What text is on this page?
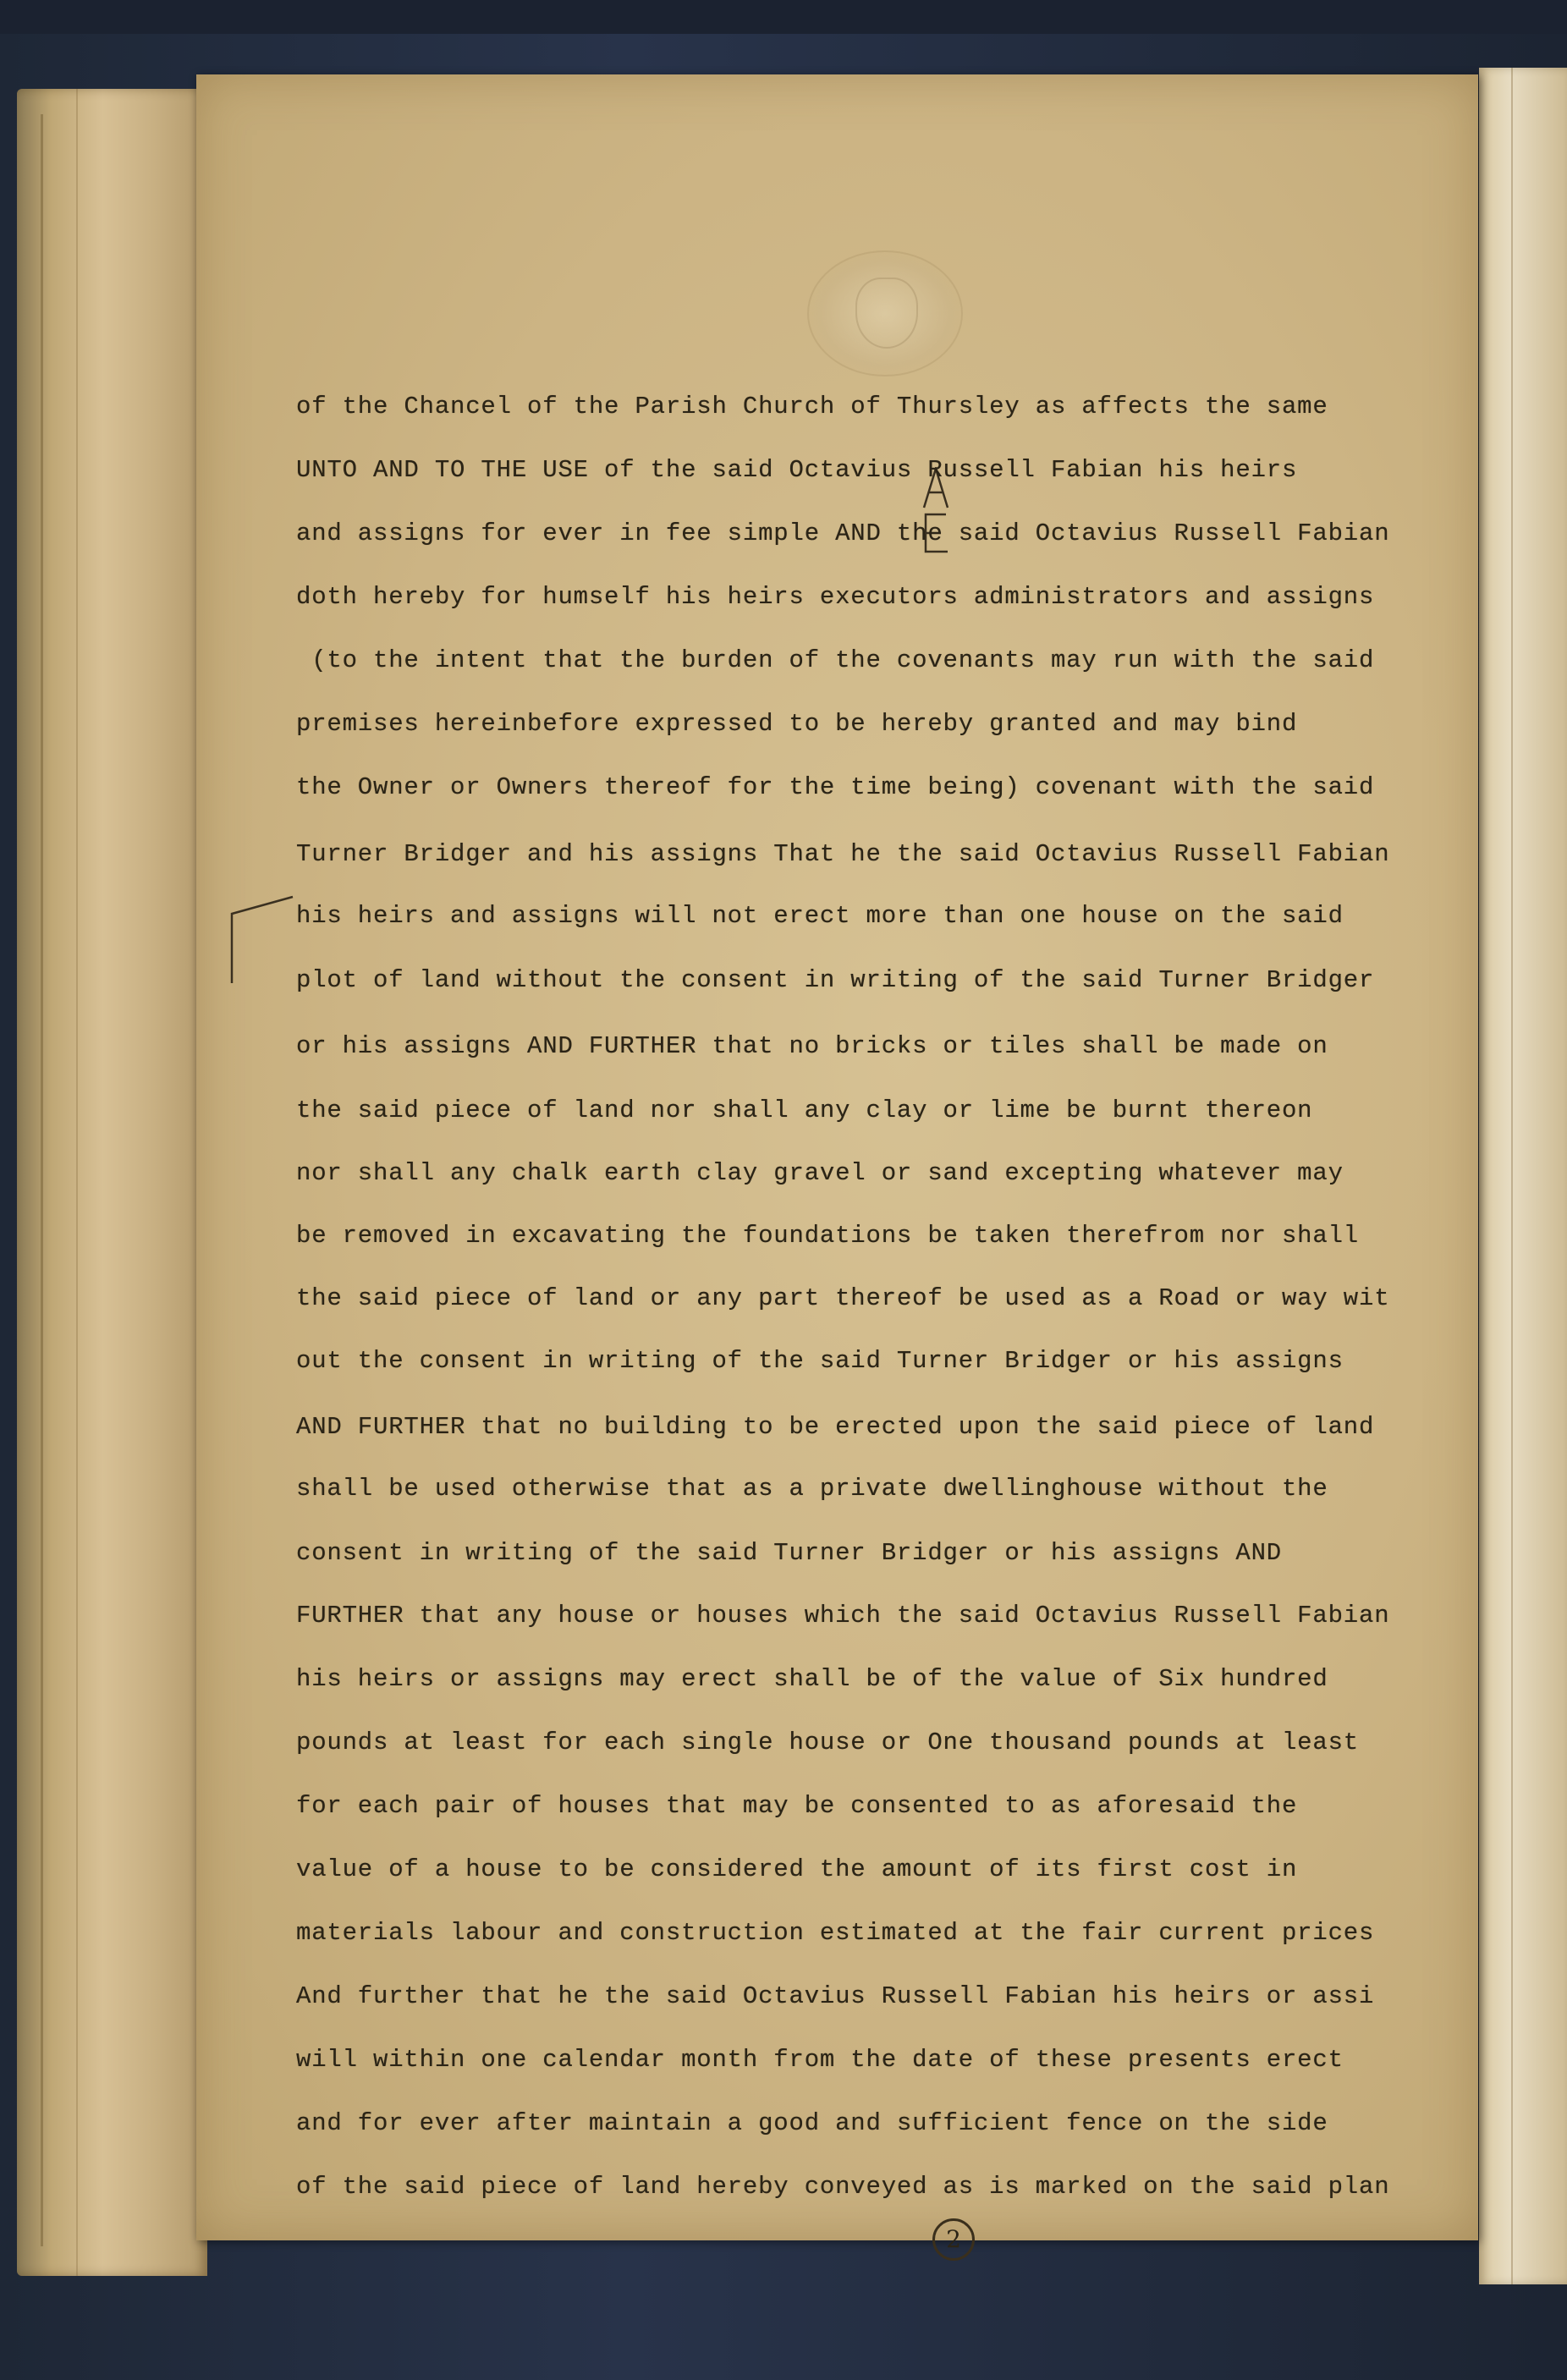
of the Chancel of the Parish Church of Thursley as affects the same
UNTO AND TO THE USE of the said Octavius Russell Fabian his heirs
and assigns for ever in fee simple AND the said Octavius Russell Fabian
doth hereby for humself his heirs executors administrators and assigns
(to the intent that the burden of the covenants may run with the said
premises hereinbefore expressed to be hereby granted and may bind
the Owner or Owners thereof for the time being) covenant with the said
Turner Bridger and his assigns That he the said Octavius Russell Fabian
his heirs and assigns will not erect more than one house on the said
plot of land without the consent in writing of the said Turner Bridger
or his assigns AND FURTHER that no bricks or tiles shall be made on
the said piece of land nor shall any clay or lime be burnt thereon
nor shall any chalk earth clay gravel or sand excepting whatever may
be removed in excavating the foundations be taken therefrom nor shall
the said piece of land or any part thereof be used as a Road or way wit
out the consent in writing of the said Turner Bridger or his assigns
AND FURTHER that no building to be erected upon the said piece of land
shall be used otherwise that as a private dwellinghouse without the
consent in writing of the said Turner Bridger or his assigns AND
FURTHER that any house or houses which the said Octavius Russell Fabian
his heirs or assigns may erect shall be of the value of Six hundred
pounds at least for each single house or One thousand pounds at least
for each pair of houses that may be consented to as aforesaid the
value of a house to be considered the amount of its first cost in
materials labour and construction estimated at the fair current prices
And further that he the said Octavius Russell Fabian his heirs or assi
will within one calendar month from the date of these presents erect
and for ever after maintain a good and sufficient fence on the side
of the said piece of land hereby conveyed as is marked on the said plan
2
